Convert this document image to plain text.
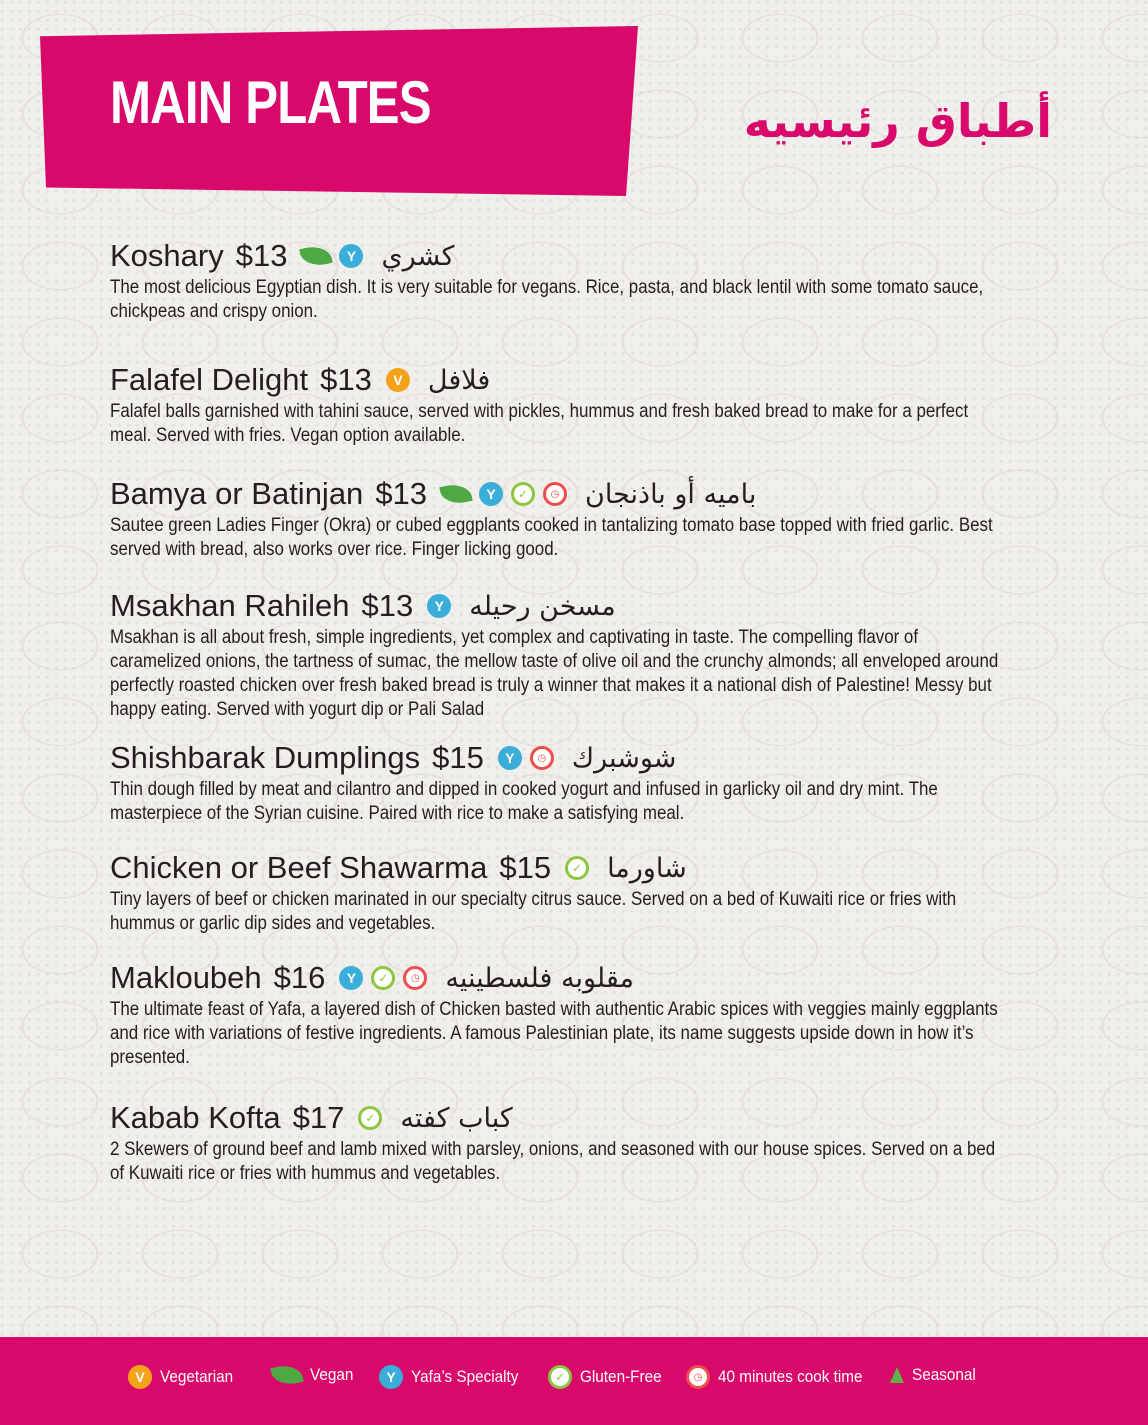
MAIN PLATES	أطباق رئيسيه
Koshary $13	Y كشري

The most delicious Egyptian dish. It is very suitable for vegans. Rice, pasta, and black lentil with some tomato sauce, chickpeas and crispy onion.

Falafel Delight $13	V فلافل

Falafel balls garnished with tahini sauce, served with pickles, hummus and fresh baked bread to make for a perfect meal. Served with fries. Vegan option available.

Bamya or Batinjan $13	Y	✓	◷ باميه أو باذنجان

Sautee green Ladies Finger (Okra) or cubed eggplants cooked in tantalizing tomato base topped with fried garlic. Best served with bread, also works over rice. Finger licking good.

Msakhan Rahileh $13	Y مسخن رحيله

Msakhan is all about fresh, simple ingredients, yet complex and captivating in taste. The compelling flavor of caramelized onions, the tartness of sumac, the mellow taste of olive oil and the crunchy almonds; all enveloped around perfectly roasted chicken over fresh baked bread is truly a winner that makes it a national dish of Palestine! Messy but happy eating. Served with yogurt dip or Pali Salad

Shishbarak Dumplings $15	Y	◷ شوشبرك

Thin dough filled by meat and cilantro and dipped in cooked yogurt and infused in garlicky oil and dry mint. The masterpiece of the Syrian cuisine. Paired with rice to make a satisfying meal.

Chicken or Beef Shawarma $15	✓ شاورما

Tiny layers of beef or chicken marinated in our specialty citrus sauce. Served on a bed of Kuwaiti rice or fries with hummus or garlic dip sides and vegetables.

Makloubeh $16	Y	✓	◷ مقلوبه فلسطينيه

The ultimate feast of Yafa, a layered dish of Chicken basted with authentic Arabic spices with veggies mainly eggplants and rice with variations of festive ingredients. A famous Palestinian plate, its name suggests upside down in how it’s presented.

Kabab Kofta $17	✓ كباب كفته

2 Skewers of ground beef and lamb mixed with parsley, onions, and seasoned with our house spices. Served on a bed of Kuwaiti rice or fries with hummus and vegetables.

V Vegetarian	Vegan	Y Yafa’s Specialty	✓ Gluten-Free	◷ 40 minutes cook time	Seasonal
